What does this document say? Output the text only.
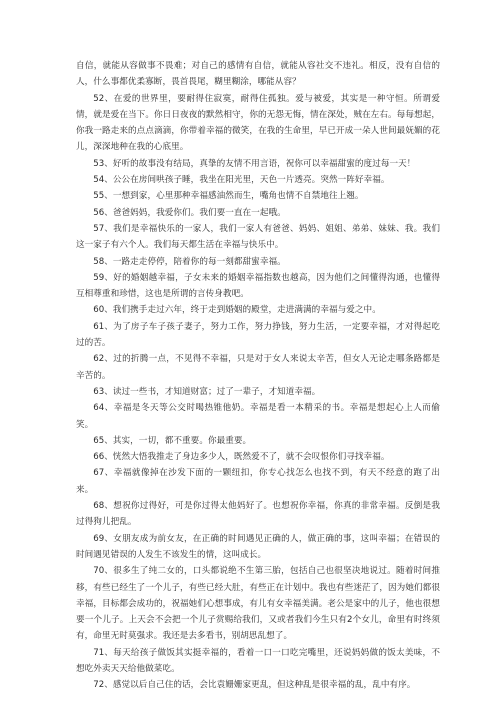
自信，就能从容做事不畏难；对自己的感情有自信，就能从容社交不违礼。相反，没有自信的人，什么事都优柔寡断，畏首畏尾，糊里糊涂，哪能从容？

52、在爱的世界里，要耐得住寂寞，耐得住孤独。爱与被爱，其实是一种守恒。所谓爱情，就是爱在当下。你日日夜夜的默然相守，你的无怨无悔，情在深处，贼在左右。每每想起，你我一路走来的点点滴滴，你带着幸福的微笑，在我的生命里，早已开成一朵人世间最妩媚的花儿，深深地种在我的心底里。

53、好听的故事没有结局，真挚的友情不用言语，祝你可以幸福甜蜜的度过每一天！

54、公公在房间哄孩子睡，我坐在阳光里，天色一片透亮。突然一阵好幸福。

55、一想到家，心里那种幸福感油然而生，嘴角也情不自禁地往上翘。

56、爸爸妈妈，我爱你们。我们要一直在一起哦。

57、我们是幸福快乐的一家人，我们一家人有爸爸、妈妈、姐姐、弟弟、妹妹、我。我们这一家子有六个人。我们每天都生活在幸福与快乐中。

58、一路走走停停，陪着你的每一刻都甜蜜幸福。

59、好的婚姻越幸福，子女未来的婚姻幸福指数也越高，因为他们之间懂得沟通，也懂得互相尊重和珍惜，这也是所谓的言传身教吧。

60、我们携手走过六年，终于走到婚姻的殿堂，走进满满的幸福与爱之中。

61、为了房子车子孩子妻子，努力工作，努力挣钱，努力生活，一定要幸福，才对得起吃过的苦。

62、过的折腾一点，不见得不幸福，只是对于女人来说太辛苦，但女人无论走哪条路都是辛苦的。

63、读过一些书，才知道财富；过了一辈子，才知道幸福。

64、幸福是冬天等公交时喝热锥他奶。幸福是看一本精采的书。幸福是想起心上人而偷笑。

65、其实，一切，都不重要。你最重要。

66、恍然大悟我推走了身边多少人，既然爱不了，就不会叹恨你们寻找幸福。

67、幸福就像掉在沙发下面的一颗纽扣，你专心找怎么也找不到，有天不经意的跑了出来。

68、想祝你过得好，可是你过得太他妈好了。也想祝你幸福，你真的非常幸福。反倒是我过得狗儿把乱。

69、女朋友成为前女友，在正确的时间遇见正确的人，做正确的事，这叫幸福；在错误的时间遇见错误的人发生不该发生的情，这叫成长。

70、很多生了纯二女的，口头都说绝不生第三胎，包括自己也很坚决地说过。随着时间推移，有些已经生了一个儿子，有些已经大肚，有些正在计划中。我也有些迷茫了，因为她们都很幸福，目标都会成功的，祝福她们心想事成，有儿有女幸福美满。老公是家中的儿子，他也很想要一个儿子。上天会不会把一个儿子赏赐给我们，又或者我们今生只有2个女儿，命里有时终须有，命里无时莫强求。我还是去多看书，别胡思乱想了。

71、每天给孩子做饭其实挺幸福的，看着一口一口吃完嘴里，还说妈妈做的饭太美味，不想吃外卖天天给他做菜吃。

72、感觉以后自己住的话，会比袁姗姗家更乱，但这种乱是很幸福的乱，乱中有序。
